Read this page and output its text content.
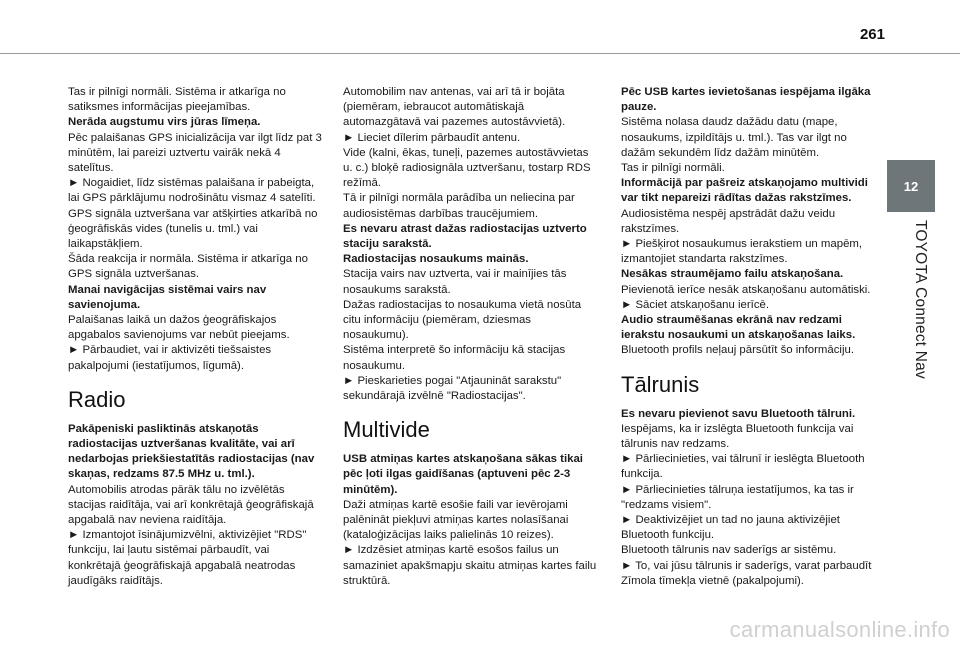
261
12
TOYOTA Connect Nav

Tas ir pilnīgi normāli. Sistēma ir atkarīga no satiksmes informācijas pieejamības.

Nerāda augstumu virs jūras līmeņa.

Pēc palaišanas GPS inicializācija var ilgt līdz pat 3 minūtēm, lai pareizi uztvertu vairāk nekā 4 satelītus.

► Nogaidiet, līdz sistēmas palaišana ir pabeigta, lai GPS pārklājumu nodrošinātu vismaz 4 satelīti.

GPS signāla uztveršana var atšķirties atkarībā no ģeogrāfiskās vides (tunelis u. tml.) vai laikapstākļiem.

Šāda reakcija ir normāla. Sistēma ir atkarīga no GPS signāla uztveršanas.

Manai navigācijas sistēmai vairs nav savienojuma.

Palaišanas laikā un dažos ģeogrāfiskajos apgabalos savienojums var nebūt pieejams.

► Pārbaudiet, vai ir aktivizēti tiešsaistes pakalpojumi (iestatījumos, līgumā).

Radio

Pakāpeniski pasliktinās atskaņotās radiostacijas uztveršanas kvalitāte, vai arī nedarbojas priekšiestatītās radiostacijas (nav skaņas, redzams 87.5 MHz u. tml.).

Automobilis atrodas pārāk tālu no izvēlētās stacijas raidītāja, vai arī konkrētajā ģeogrāfiskajā apgabalā nav neviena raidītāja.

► Izmantojot īsinājumizvēlni, aktivizējiet "RDS" funkciju, lai ļautu sistēmai pārbaudīt, vai konkrētajā ģeogrāfiskajā apgabalā neatrodas jaudīgāks raidītājs.

Automobilim nav antenas, vai arī tā ir bojāta (piemēram, iebraucot automātiskajā automazgātavā vai pazemes autostāvvietā).

► Lieciet dīlerim pārbaudīt antenu.

Vide (kalni, ēkas, tuneļi, pazemes autostāvvietas u. c.) bloķē radiosignāla uztveršanu, tostarp RDS režīmā.

Tā ir pilnīgi normāla parādība un neliecina par audiosistēmas darbības traucējumiem.

Es nevaru atrast dažas radiostacijas uztverto staciju sarakstā.

Radiostacijas nosaukums mainās.

Stacija vairs nav uztverta, vai ir mainījies tās nosaukums sarakstā.

Dažas radiostacijas to nosaukuma vietā nosūta citu informāciju (piemēram, dziesmas nosaukumu).

Sistēma interpretē šo informāciju kā stacijas nosaukumu.

► Pieskarieties pogai "Atjaunināt sarakstu" sekundārajā izvēlnē "Radiostacijas".

Multivide

USB atmiņas kartes atskaņošana sākas tikai pēc ļoti ilgas gaidīšanas (aptuveni pēc 2-3 minūtēm).

Daži atmiņas kartē esošie faili var ievērojami palēnināt piekļuvi atmiņas kartes nolasīšanai (kataloģizācijas laiks palielinās 10 reizes).

► Izdzēsiet atmiņas kartē esošos failus un samaziniet apakšmapju skaitu atmiņas kartes failu struktūrā.

Pēc USB kartes ievietošanas iespējama ilgāka pauze.

Sistēma nolasa daudz dažādu datu (mape, nosaukums, izpildītājs u. tml.). Tas var ilgt no dažām sekundēm līdz dažām minūtēm.

Tas ir pilnīgi normāli.

Informācijā par pašreiz atskaņojamo multividi var tikt nepareizi rādītas dažas rakstzīmes.

Audiosistēma nespēj apstrādāt dažu veidu rakstzīmes.

► Piešķirot nosaukumus ierakstiem un mapēm, izmantojiet standarta rakstzīmes.

Nesākas straumējamo failu atskaņošana.

Pievienotā ierīce nesāk atskaņošanu automātiski.

► Sāciet atskaņošanu ierīcē.

Audio straumēšanas ekrānā nav redzami ierakstu nosaukumi un atskaņošanas laiks.

Bluetooth profils neļauj pārsūtīt šo informāciju.

Tālrunis

Es nevaru pievienot savu Bluetooth tālruni.

Iespējams, ka ir izslēgta Bluetooth funkcija vai tālrunis nav redzams.

► Pārliecinieties, vai tālrunī ir ieslēgta Bluetooth funkcija.

► Pārliecinieties tālruņa iestatījumos, ka tas ir "redzams visiem".

► Deaktivizējiet un tad no jauna aktivizējiet Bluetooth funkciju.

Bluetooth tālrunis nav saderīgs ar sistēmu.

► To, vai jūsu tālrunis ir saderīgs, varat parbaudīt Zīmola tīmekļa vietnē (pakalpojumi).

carmanualsonline.info
